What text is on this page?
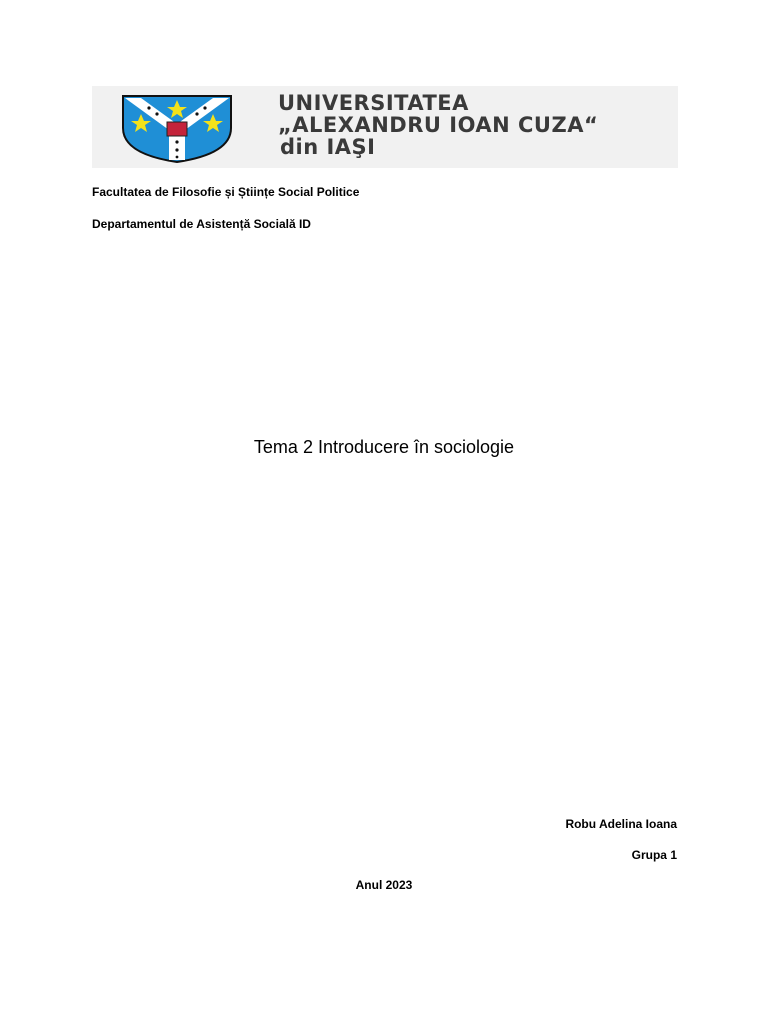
UNIVERSITATEA
„ALEXANDRU IOAN CUZA“
din IAŞI
Facultatea de Filosofie și Științe Social Politice
Departamentul de Asistență Socială ID
Tema 2 Introducere în sociologie
Robu Adelina Ioana
Grupa 1
Anul 2023
